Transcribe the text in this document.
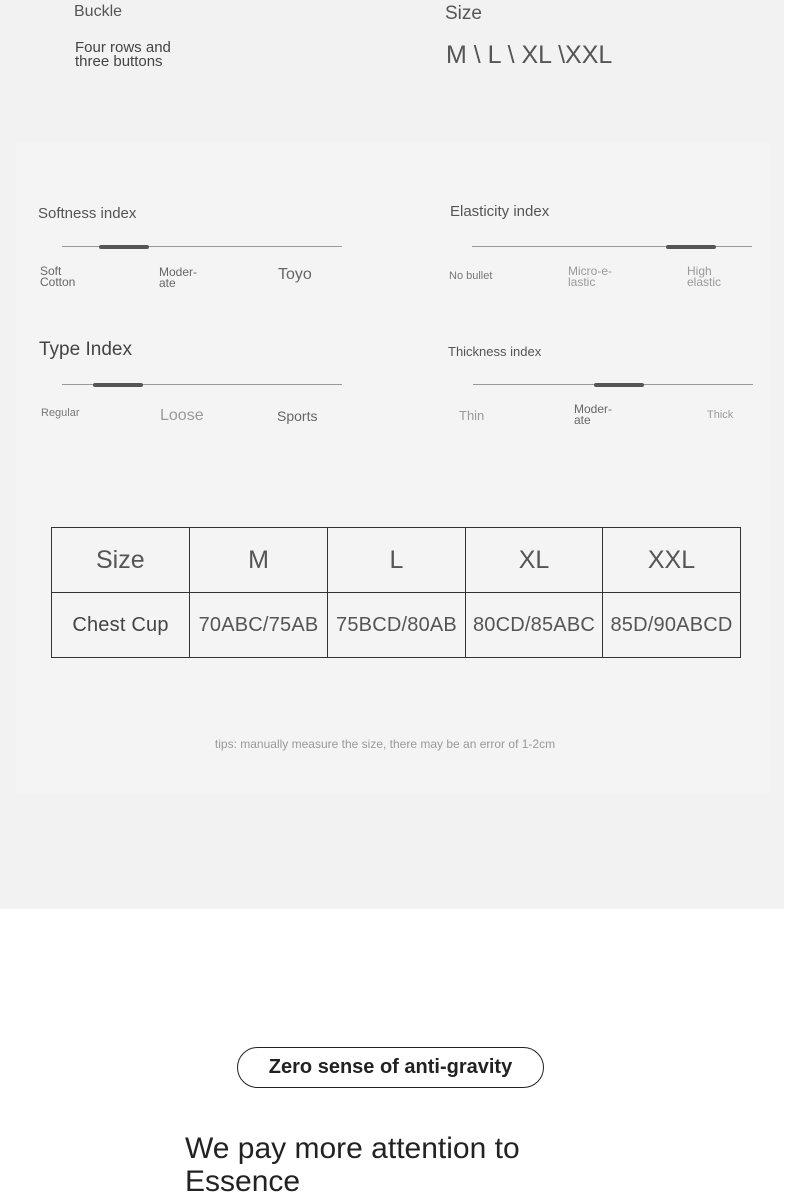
Buckle
Four rows and three buttons
Size
M \ L \ XL \XXL
Softness index
Soft Cotton
Moder- ate	Toyo
Elasticity index
No bullet	Micro-e- lastic
High elastic
Type Index
Regular	Loose	Sports
Thickness index
Thin	Moder- ate	Thick
Size	M	L	XL	XXL
Chest Cup	70ABC/75AB	75BCD/80AB	80CD/85ABC	85D/90ABCD
tips: manually measure the size, there may be an error of 1-2cm
Zero sense of anti-gravity
We pay more attention to Essence
